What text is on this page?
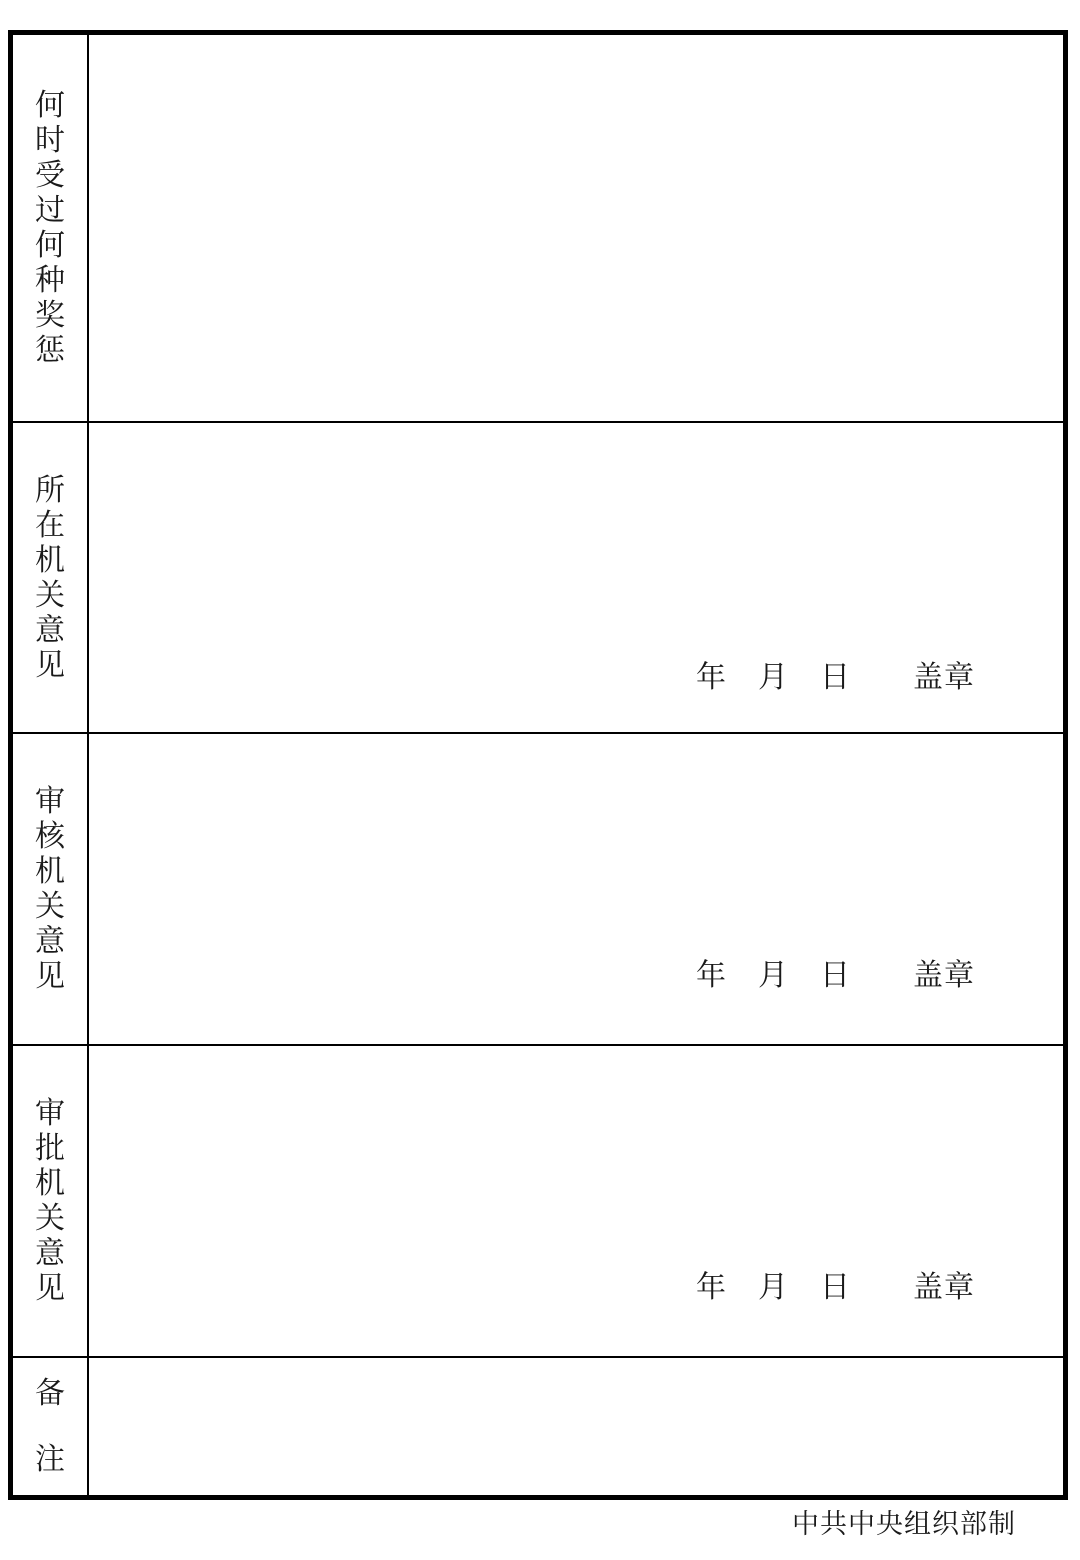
何时受过何种奖惩
所在机关意见	年　月　日　　盖章
审核机关意见	年　月　日　　盖章
审批机关意见	年　月　日　　盖章
备注
中共中央组织部制
